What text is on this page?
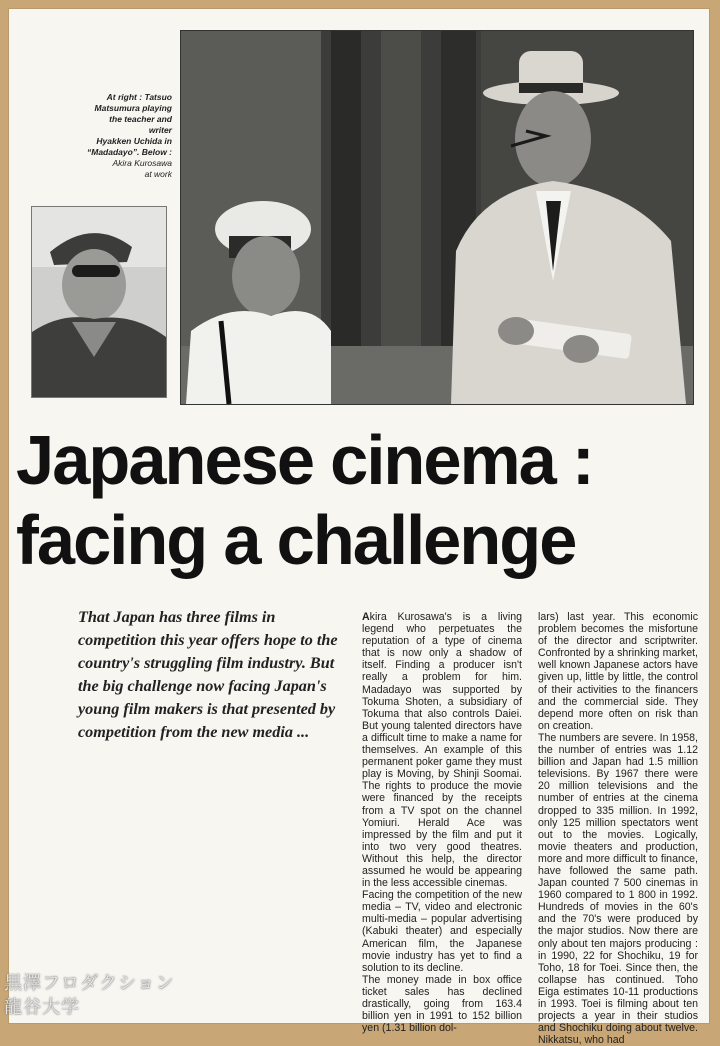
At right : Tatsuo
Matsumura playing
the teacher and writer
Hyakken Uchida in
“Madadayo”. Below :
Akira Kurosawa
at work
Japanese cinema :
facing a challenge
That Japan has three films in competition this year offers hope to the country's struggling film industry. But the big challenge now facing Japan's young film makers is that presented by competition from the new media ...

Akira Kurosawa's is a living legend who perpetuates the reputation of a type of cinema that is now only a shadow of itself. Finding a producer isn't really a problem for him. Madadayo was supported by Tokuma Shoten, a subsidiary of Tokuma that also controls Daiei. But young talented directors have a difficult time to make a name for themselves. An example of this permanent poker game they must play is Moving, by Shinji Soomai. The rights to produce the movie were financed by the receipts from a TV spot on the channel Yomiuri. Herald Ace was impressed by the film and put it into two very good theatres. Without this help, the director assumed he would be appearing in the less accessible cinemas.

Facing the competition of the new media – TV, video and electronic multi-media – popular advertising (Kabuki theater) and especially American film, the Japanese movie industry has yet to find a solution to its decline.

The money made in box office ticket sales has declined drastically, going from 163.4 billion yen in 1991 to 152 billion yen (1.31 billion dol-

lars) last year. This economic problem becomes the misfortune of the director and scriptwriter. Confronted by a shrinking market, well known Japanese actors have given up, little by little, the control of their activities to the financers and the commercial side. They depend more often on risk than on creation.

The numbers are severe. In 1958, the number of entries was 1.12 billion and Japan had 1.5 million televisions. By 1967 there were 20 million televisions and the number of entries at the cinema dropped to 335 million. In 1992, only 125 million spectators went out to the movies. Logically, movie theaters and production, more and more difficult to finance, have followed the same path. Japan counted 7 500 cinemas in 1960 compared to 1 800 in 1992. Hundreds of movies in the 60's and the 70's were produced by the major studios. Now there are only about ten majors producing : in 1990, 22 for Shochiku, 19 for Toho, 18 for Toei. Since then, the collapse has continued. Toho Eiga estimates 10-11 productions in 1993. Toei is filming about ten projects a year in their studios and Shochiku doing about twelve. Nikkatsu, who had

黒澤フロダクション
龍谷大学
